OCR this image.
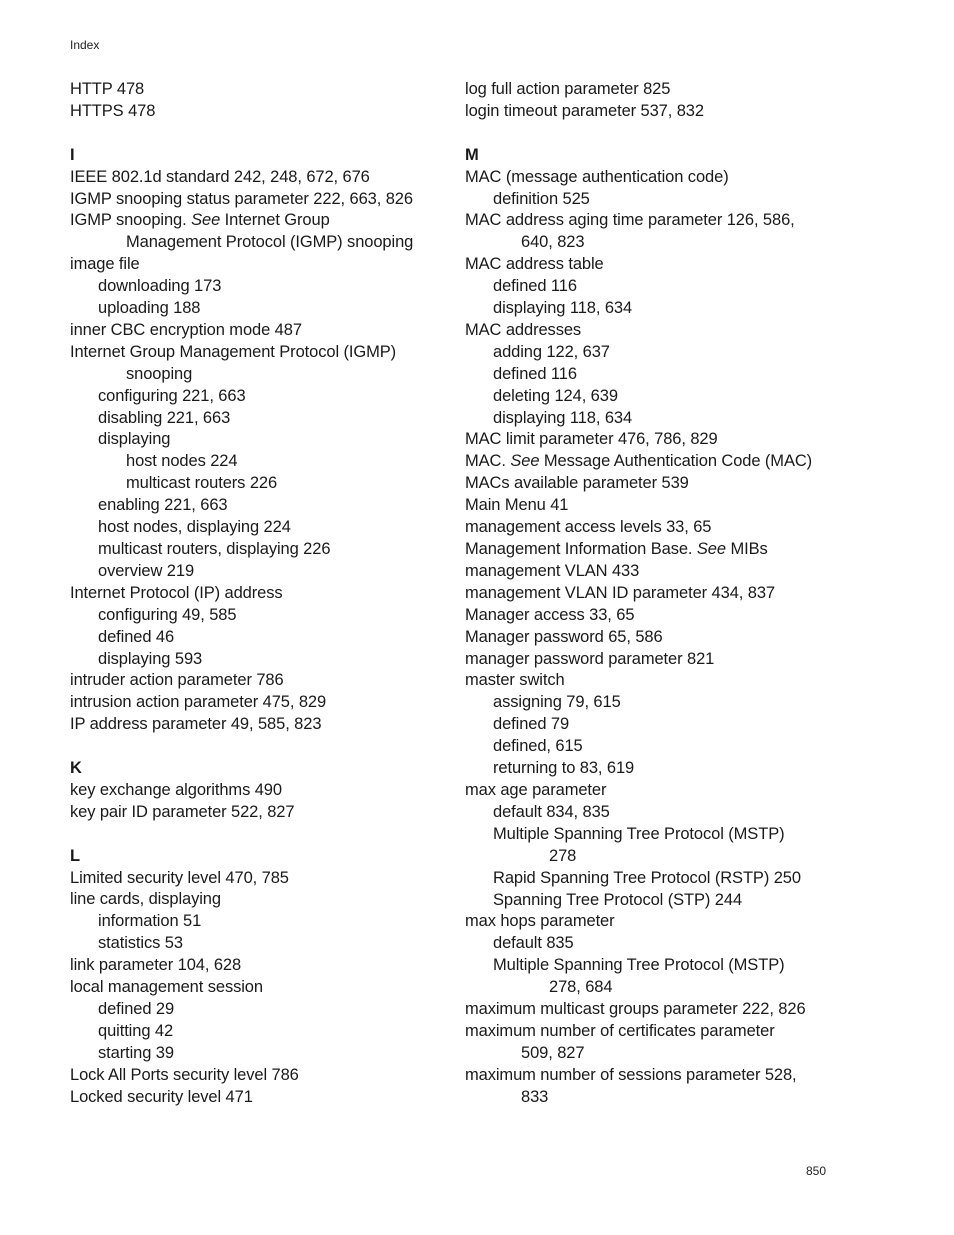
Index
HTTP 478
HTTPS 478
I
IEEE 802.1d standard 242, 248, 672, 676
IGMP snooping status parameter 222, 663, 826
IGMP snooping. See Internet Group
Management Protocol (IGMP) snooping
image file
downloading 173
uploading 188
inner CBC encryption mode 487
Internet Group Management Protocol (IGMP)
snooping
configuring 221, 663
disabling 221, 663
displaying
host nodes 224
multicast routers 226
enabling 221, 663
host nodes, displaying 224
multicast routers, displaying 226
overview 219
Internet Protocol (IP) address
configuring 49, 585
defined 46
displaying 593
intruder action parameter 786
intrusion action parameter 475, 829
IP address parameter 49, 585, 823
K
key exchange algorithms 490
key pair ID parameter 522, 827
L
Limited security level 470, 785
line cards, displaying
information 51
statistics 53
link parameter 104, 628
local management session
defined 29
quitting 42
starting 39
Lock All Ports security level 786
Locked security level 471
log full action parameter 825
login timeout parameter 537, 832
M
MAC (message authentication code)
definition 525
MAC address aging time parameter 126, 586,
640, 823
MAC address table
defined 116
displaying 118, 634
MAC addresses
adding 122, 637
defined 116
deleting 124, 639
displaying 118, 634
MAC limit parameter 476, 786, 829
MAC. See Message Authentication Code (MAC)
MACs available parameter 539
Main Menu 41
management access levels 33, 65
Management Information Base. See MIBs
management VLAN 433
management VLAN ID parameter 434, 837
Manager access 33, 65
Manager password 65, 586
manager password parameter 821
master switch
assigning 79, 615
defined 79
defined, 615
returning to 83, 619
max age parameter
default 834, 835
Multiple Spanning Tree Protocol (MSTP)
278
Rapid Spanning Tree Protocol (RSTP) 250
Spanning Tree Protocol (STP) 244
max hops parameter
default 835
Multiple Spanning Tree Protocol (MSTP)
278, 684
maximum multicast groups parameter 222, 826
maximum number of certificates parameter
509, 827
maximum number of sessions parameter 528,
833
850
